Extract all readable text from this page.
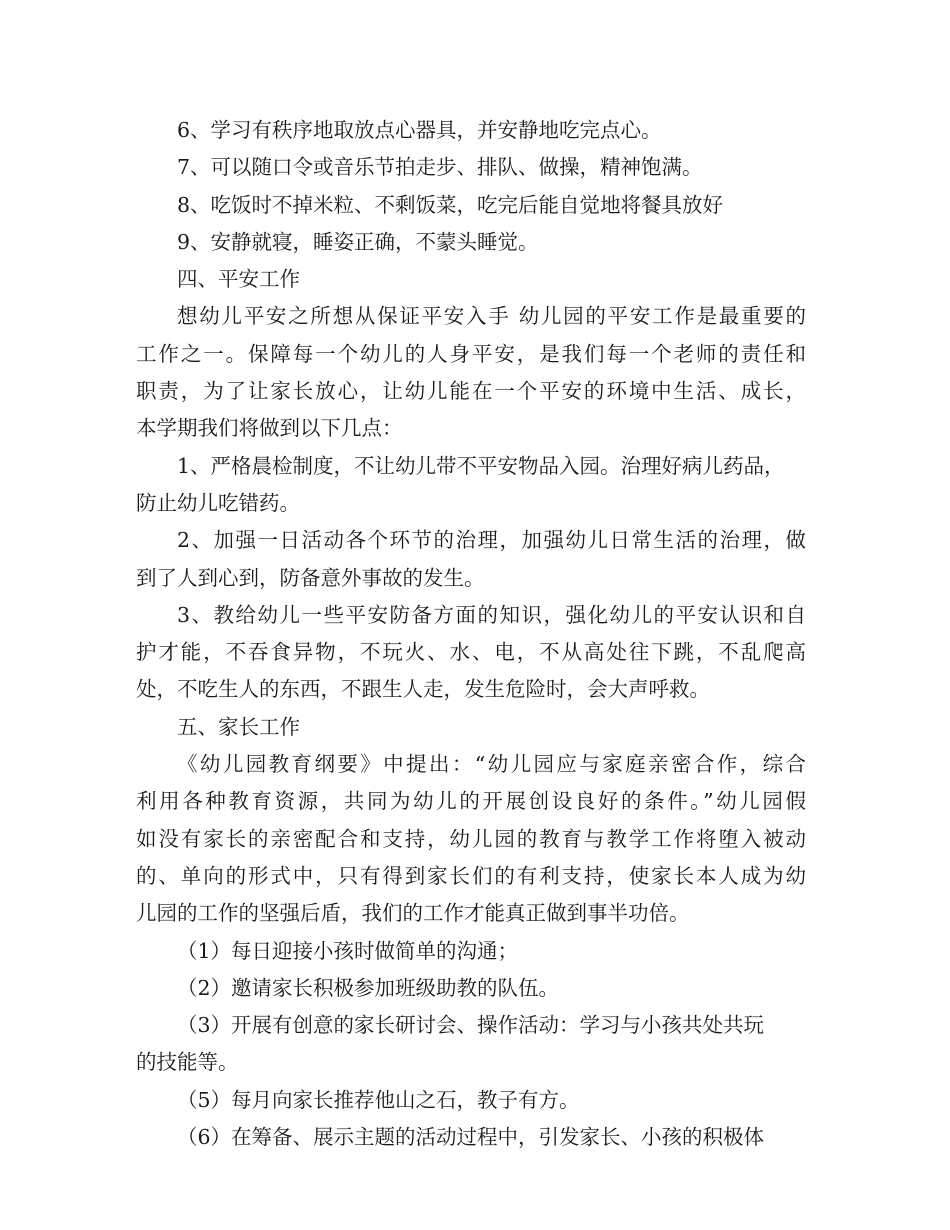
6、学习有秩序地取放点心器具，并安静地吃完点心。
7、可以随口令或音乐节拍走步、排队、做操，精神饱满。
8、吃饭时不掉米粒、不剩饭菜，吃完后能自觉地将餐具放好
9、安静就寝，睡姿正确，不蒙头睡觉。
四、平安工作
想幼儿平安之所想从保证平安入手 幼儿园的平安工作是最重要的
工作之一。保障每一个幼儿的人身平安，是我们每一个老师的责任和
职责，为了让家长放心，让幼儿能在一个平安的环境中生活、成长，
本学期我们将做到以下几点：
1、严格晨检制度，不让幼儿带不平安物品入园。治理好病儿药品，
防止幼儿吃错药。
2、加强一日活动各个环节的治理，加强幼儿日常生活的治理，做
到了人到心到，防备意外事故的发生。
3、教给幼儿一些平安防备方面的知识，强化幼儿的平安认识和自
护才能，不吞食异物，不玩火、水、电，不从高处往下跳，不乱爬高
处，不吃生人的东西，不跟生人走，发生危险时，会大声呼救。
五、家长工作
《幼儿园教育纲要》中提出：“幼儿园应与家庭亲密合作，综合
利用各种教育资源，共同为幼儿的开展创设良好的条件。”幼儿园假
如没有家长的亲密配合和支持，幼儿园的教育与教学工作将堕入被动
的、单向的形式中，只有得到家长们的有利支持，使家长本人成为幼
儿园的工作的坚强后盾，我们的工作才能真正做到事半功倍。
（1）每日迎接小孩时做简单的沟通；
（2）邀请家长积极参加班级助教的队伍。
（3）开展有创意的家长研讨会、操作活动：学习与小孩共处共玩
的技能等。
（5）每月向家长推荐他山之石，教子有方。
（6）在筹备、展示主题的活动过程中，引发家长、小孩的积极体
